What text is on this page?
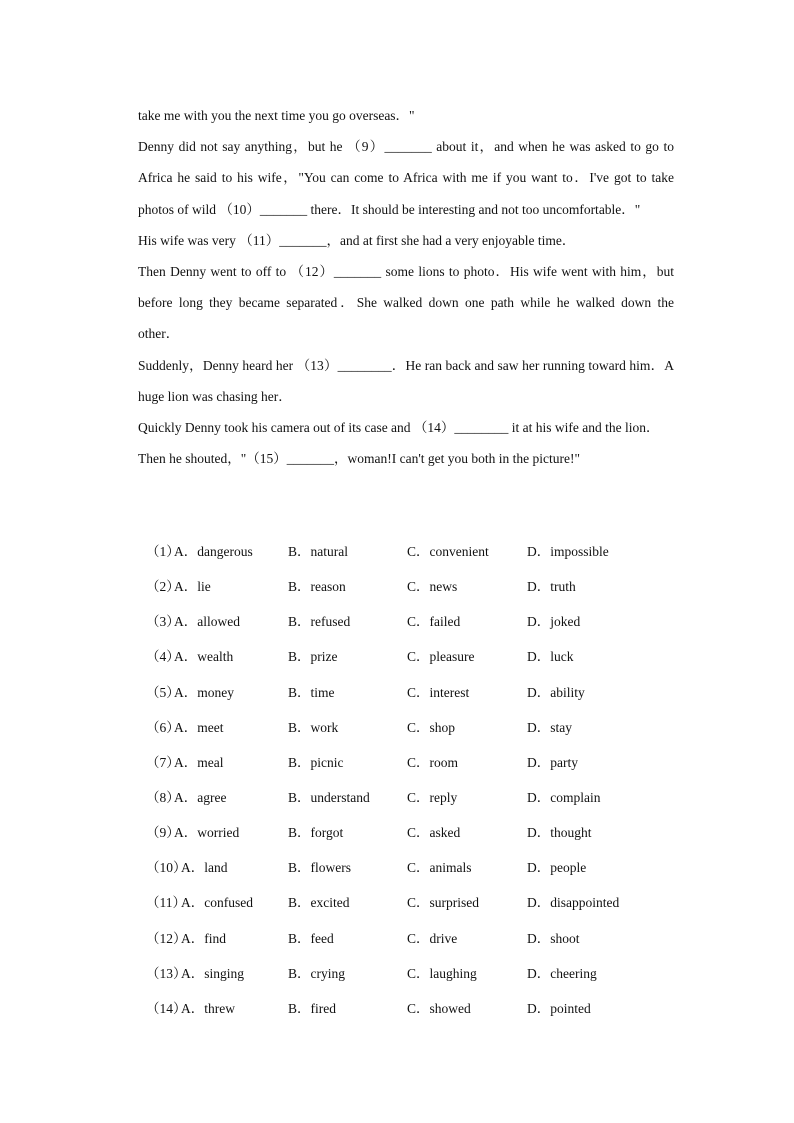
take me with you the next time you go overseas．"

Denny did not say anything，but he （9）_______ about it，and when he was asked to go to Africa he said to his wife，"You can come to Africa with me if you want to．I've got to take photos of wild （10）_______ there．It should be interesting and not too uncomfortable．"

His wife was very （11）_______，and at first she had a very enjoyable time．

Then Denny went to off to （12）_______ some lions to photo．His wife went with him，but before long they became separated．She walked down one path while he walked down the other．

Suddenly，Denny heard her （13）________．He ran back and saw her running toward him．A huge lion was chasing her．

Quickly Denny took his camera out of its case and （14）________ it at his wife and the lion．

Then he shouted，"（15）_______，woman!I can't get you both in the picture!"

（1）
A．dangerous	B．natural	C．convenient	D．impossible
（2）
A．lie	B．reason	C．news	D．truth
（3）
A．allowed	B．refused	C．failed	D．joked
（4）
A．wealth	B．prize	C．pleasure	D．luck
（5）
A．money	B．time	C．interest	D．ability
（6）
A．meet	B．work	C．shop	D．stay
（7）
A．meal	B．picnic	C．room	D．party
（8）
A．agree	B．understand	C．reply	D．complain
（9）
A．worried	B．forgot	C．asked	D．thought
（10）
A．land	B．flowers	C．animals	D．people
（11）
A．confused	B．excited	C．surprised	D．disappointed
（12）
A．find	B．feed	C．drive	D．shoot
（13）
A．singing	B．crying	C．laughing	D．cheering
（14）
A．threw	B．fired	C．showed	D．pointed
